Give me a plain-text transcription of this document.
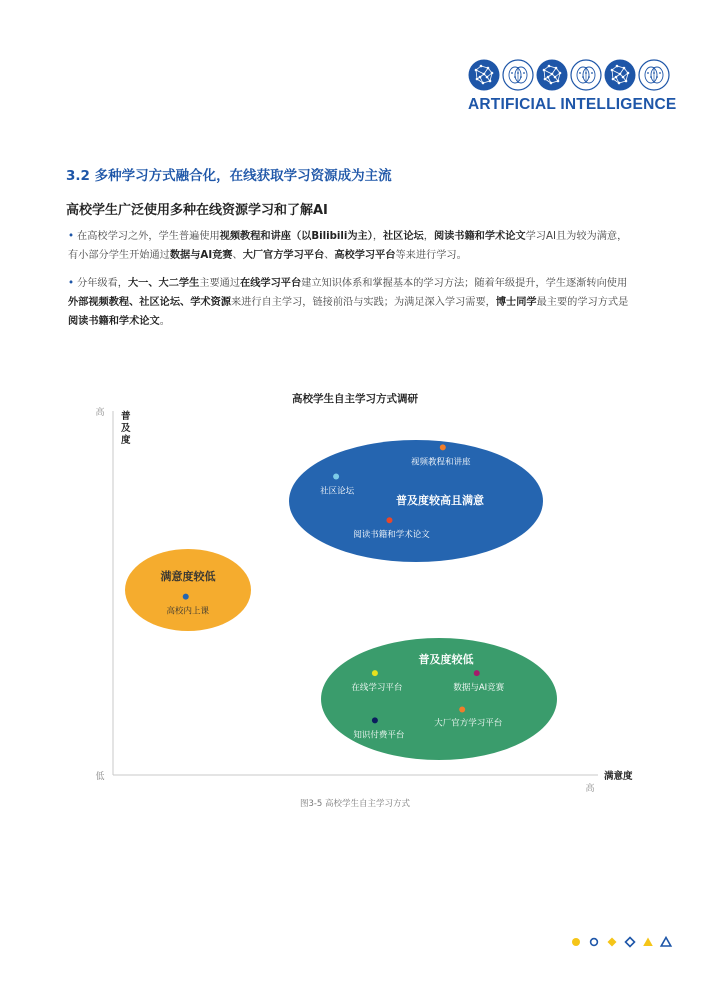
ARTIFICIAL INTELLIGENCE
3.2 多种学习方式融合化，在线获取学习资源成为主流
高校学生广泛使用多种在线资源学习和了解AI
• 在高校学习之外，学生普遍使用视频教程和讲座（以Bilibili为主），社区论坛，阅读书籍和学术论文学习AI且为较为满意，有小部分学生开始通过数据与AI竞赛、大厂官方学习平台、高校学习平台等来进行学习。
• 分年级看，大一、大二学生主要通过在线学习平台建立知识体系和掌握基本的学习方法；随着年级提升，学生逐渐转向使用外部视频教程、社区论坛、学术资源来进行自主学习，链接前沿与实践；为满足深入学习需要，博士同学最主要的学习方式是阅读书籍和学术论文。
高校学生自主学习方式调研
高
低
高
普及度
满意度
普及度较高且满意
满意度较低
普及度较低
视频教程和讲座
社区论坛
阅读书籍和学术论文
高校内上课
在线学习平台	数据与AI竞赛
大厂官方学习平台
知识付费平台
图3-5 高校学生自主学习方式
